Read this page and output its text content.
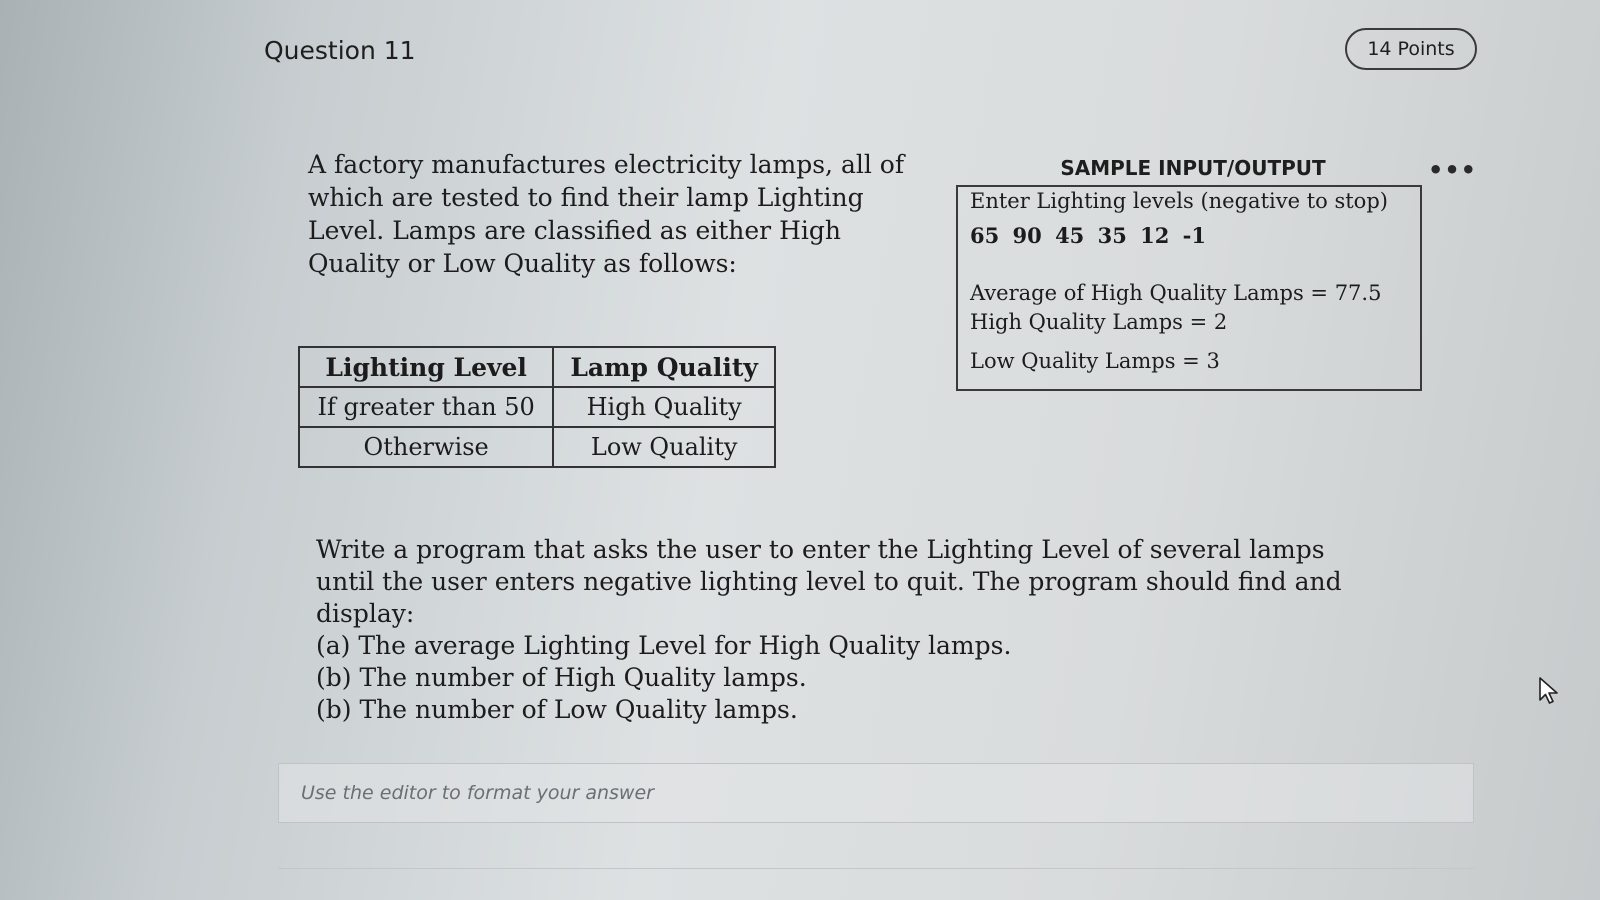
Question 11	14 Points
A factory manufactures electricity lamps, all of which are tested to find their lamp Lighting Level. Lamps are classified as either High Quality or Low Quality as follows:
Lighting Level	Lamp Quality
If greater than 50	High Quality
Otherwise	Low Quality
SAMPLE INPUT/OUTPUT	•••
Enter Lighting levels (negative to stop)
65 90 45 35 12 -1
Average of High Quality Lamps = 77.5
High Quality Lamps = 2
Low Quality Lamps = 3

Write a program that asks the user to enter the Lighting Level of several lamps until the user enters negative lighting level to quit. The program should find and display:

(a) The average Lighting Level for High Quality lamps.

(b) The number of High Quality lamps.

(b) The number of Low Quality lamps.

Use the editor to format your answer
